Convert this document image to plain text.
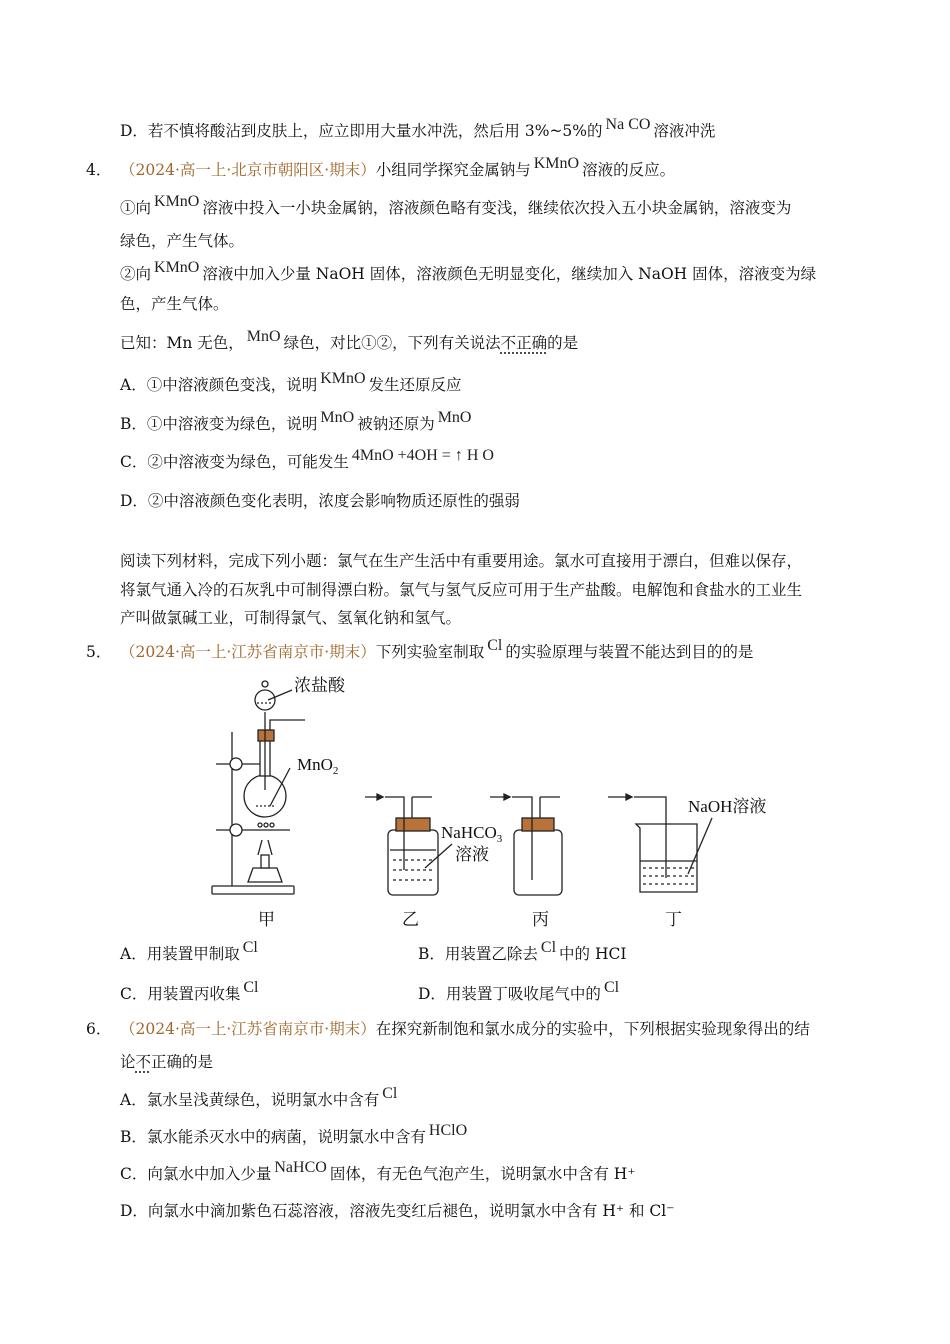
浓盐酸
MnO$_2$
NaHCO$_3$
溶液
NaOH溶液
甲	乙	丙	丁
D．若不慎将酸沾到皮肤上，应立即用大量水冲洗，然后用 3%~5%的 Na CO 溶液冲洗
4． （2024·高一上·北京市朝阳区·期末）小组同学探究金属钠与 KMnO 溶液的反应。
①向 KMnO 溶液中投入一小块金属钠，溶液颜色略有变浅，继续依次投入五小块金属钠，溶液变为
绿色，产生气体。
②向 KMnO 溶液中加入少量 NaOH 固体，溶液颜色无明显变化，继续加入 NaOH 固体，溶液变为绿
色，产生气体。
已知：Mn 无色， MnO 绿色，对比①②，下列有关说法不正确的是
A．①中溶液颜色变浅，说明 KMnO 发生还原反应
B．①中溶液变为绿色，说明 MnO 被钠还原为 MnO
C．②中溶液变为绿色，可能发生 4MnO +4OH = ↑ H O
D．②中溶液颜色变化表明，浓度会影响物质还原性的强弱
阅读下列材料，完成下列小题：氯气在生产生活中有重要用途。氯水可直接用于漂白，但难以保存，
将氯气通入冷的石灰乳中可制得漂白粉。氯气与氢气反应可用于生产盐酸。电解饱和食盐水的工业生
产叫做氯碱工业，可制得氯气、氢氧化钠和氢气。
5． （2024·高一上·江苏省南京市·期末）下列实验室制取 Cl 的实验原理与装置不能达到目的的是
A．用装置甲制取 Cl	B．用装置乙除去 Cl 中的 HCI
C．用装置丙收集 Cl	D．用装置丁吸收尾气中的 Cl
6． （2024·高一上·江苏省南京市·期末）在探究新制饱和氯水成分的实验中，下列根据实验现象得出的结
论不正确的是
A．氯水呈浅黄绿色，说明氯水中含有 Cl
B．氯水能杀灭水中的病菌，说明氯水中含有 HClO
C．向氯水中加入少量 NaHCO 固体，有无色气泡产生，说明氯水中含有 H⁺
D．向氯水中滴加紫色石蕊溶液，溶液先变红后褪色，说明氯水中含有 H⁺ 和 Cl⁻
